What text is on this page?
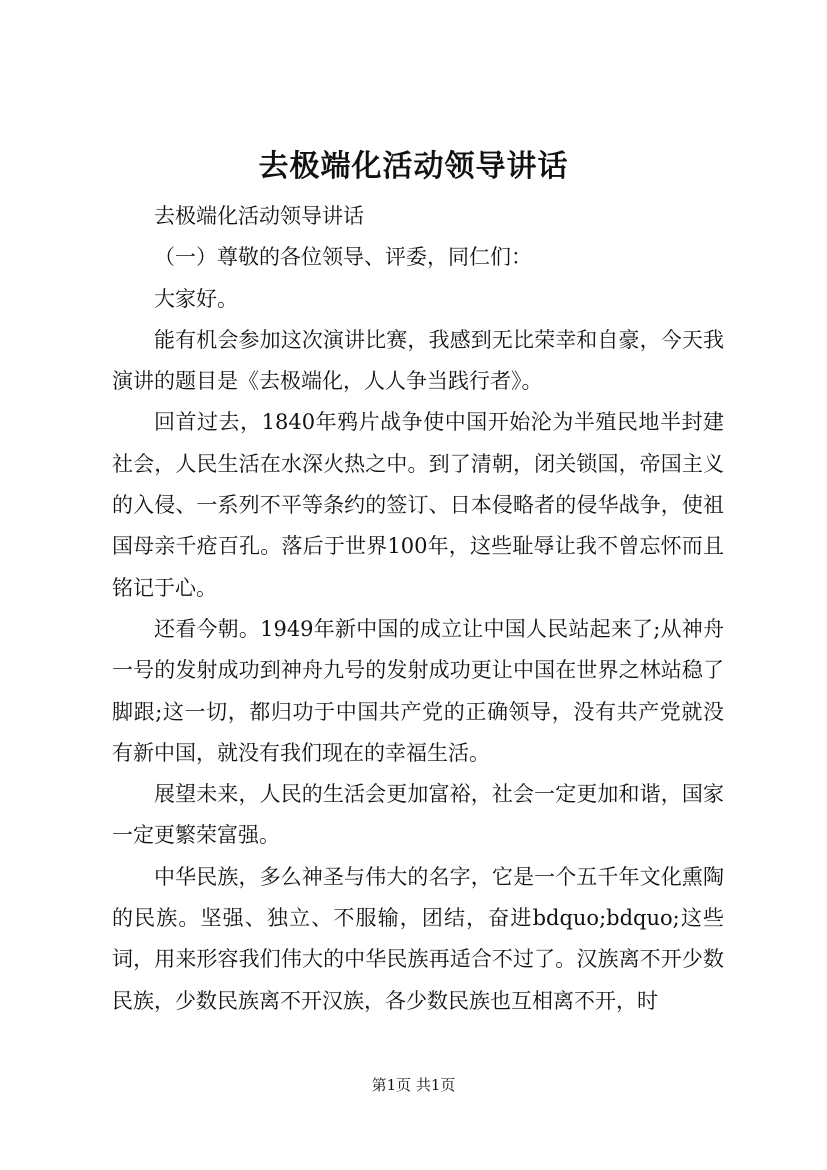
去极端化活动领导讲话

去极端化活动领导讲话

（一）尊敬的各位领导、评委，同仁们：

大家好。

能有机会参加这次演讲比赛，我感到无比荣幸和自豪，今天我演讲的题目是《去极端化，人人争当践行者》。

回首过去，1840年鸦片战争使中国开始沦为半殖民地半封建社会，人民生活在水深火热之中。到了清朝，闭关锁国，帝国主义的入侵、一系列不平等条约的签订、日本侵略者的侵华战争，使祖国母亲千疮百孔。落后于世界100年，这些耻辱让我不曾忘怀而且铭记于心。

还看今朝。1949年新中国的成立让中国人民站起来了;从神舟一号的发射成功到神舟九号的发射成功更让中国在世界之林站稳了脚跟;这一切，都归功于中国共产党的正确领导，没有共产党就没有新中国，就没有我们现在的幸福生活。

展望未来，人民的生活会更加富裕，社会一定更加和谐，国家一定更繁荣富强。

中华民族，多么神圣与伟大的名字，它是一个五千年文化熏陶的民族。坚强、独立、不服输，团结，奋进bdquo;bdquo;这些词，用来形容我们伟大的中华民族再适合不过了。汉族离不开少数民族，少数民族离不开汉族，各少数民族也互相离不开，时

第1页 共1页
